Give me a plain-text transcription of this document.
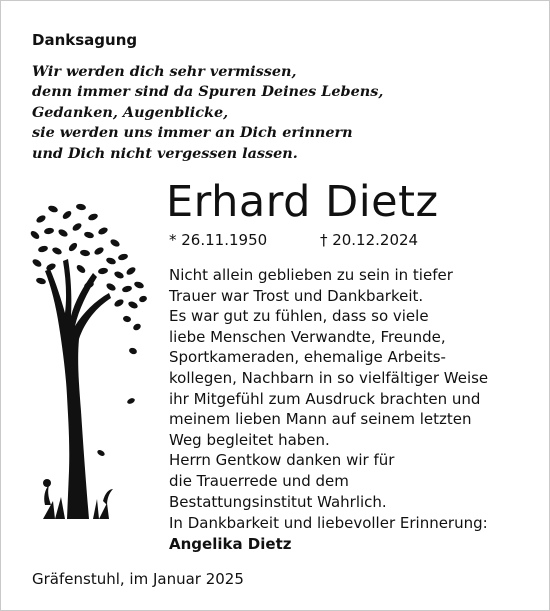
Danksagung
Wir werden dich sehr vermissen,
denn immer sind da Spuren Deines Lebens,
Gedanken, Augenblicke,
sie werden uns immer an Dich erinnern
und Dich nicht vergessen lassen.
Erhard Dietz
* 26.11.1950	† 20.12.2024
Nicht allein geblieben zu sein in tiefer
Trauer war Trost und Dankbarkeit.
Es war gut zu fühlen, dass so viele
liebe Menschen Verwandte, Freunde,
Sportkameraden, ehemalige Arbeits-
kollegen, Nachbarn in so vielfältiger Weise
ihr Mitgefühl zum Ausdruck brachten und
meinem lieben Mann auf seinem letzten
Weg begleitet haben.
Herrn Gentkow danken wir für
die Trauerrede und dem
Bestattungsinstitut Wahrlich.
In Dankbarkeit und liebevoller Erinnerung:
Angelika Dietz
Gräfenstuhl, im Januar 2025
